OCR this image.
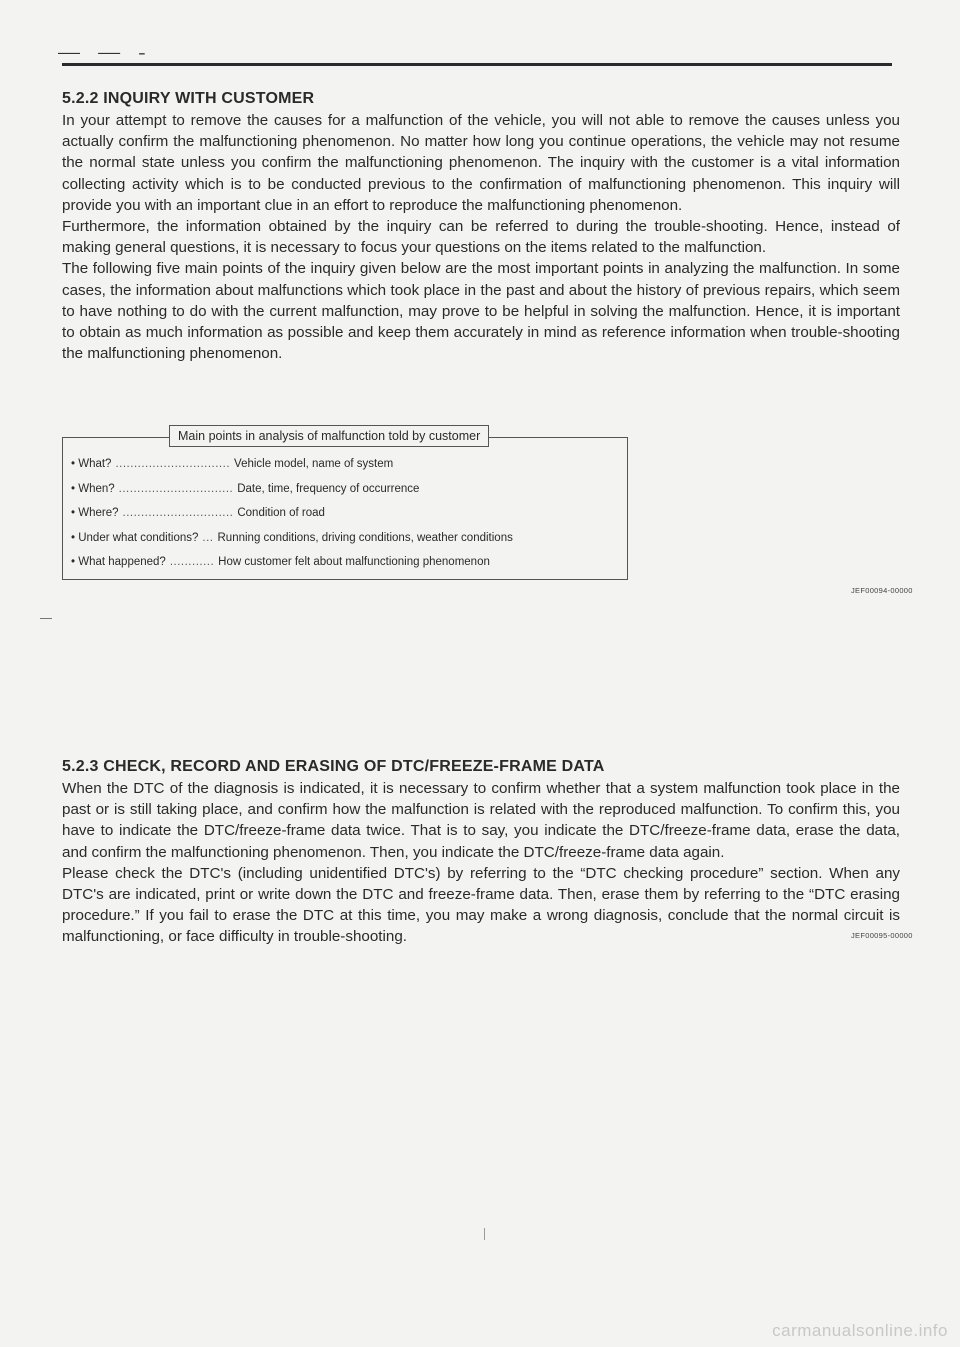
— — -
5.2.2 INQUIRY WITH CUSTOMER

In your attempt to remove the causes for a malfunction of the vehicle, you will not able to remove the causes unless you actually confirm the malfunctioning phenomenon. No matter how long you continue operations, the vehicle may not resume the normal state unless you confirm the malfunctioning phenomenon. The inquiry with the customer is a vital information collecting activity which is to be conducted previous to the confirmation of malfunctioning phenomenon. This inquiry will provide you with an important clue in an effort to reproduce the malfunctioning phenomenon.

Furthermore, the information obtained by the inquiry can be referred to during the trouble-shooting. Hence, instead of making general questions, it is necessary to focus your questions on the items related to the malfunction.

The following five main points of the inquiry given below are the most important points in analyzing the malfunction. In some cases, the information about malfunctions which took place in the past and about the history of previous repairs, which seem to have nothing to do with the current malfunction, may prove to be helpful in solving the malfunction. Hence, it is important to obtain as much information as possible and keep them accurately in mind as reference information when trouble-shooting the malfunctioning phenomenon.

Main points in analysis of malfunction told by customer
• What? ............................... Vehicle model, name of system
• When? ............................... Date, time, frequency of occurrence
• Where? .............................. Condition of road
• Under what conditions? ... Running conditions, driving conditions, weather conditions
• What happened? ............ How customer felt about malfunctioning phenomenon
JEF00094-00000
5.2.3 CHECK, RECORD AND ERASING OF DTC/FREEZE-FRAME DATA

When the DTC of the diagnosis is indicated, it is necessary to confirm whether that a system malfunction took place in the past or is still taking place, and confirm how the malfunction is related with the reproduced malfunction. To confirm this, you have to indicate the DTC/freeze-frame data twice. That is to say, you indicate the DTC/freeze-frame data, erase the data, and confirm the malfunctioning phenomenon. Then, you indicate the DTC/freeze-frame data again.

Please check the DTC's (including unidentified DTC's) by referring to the “DTC checking procedure” section. When any DTC's are indicated, print or write down the DTC and freeze-frame data. Then, erase them by referring to the “DTC erasing procedure.” If you fail to erase the DTC at this time, you may make a wrong diagnosis, conclude that the normal circuit is malfunctioning, or face difficulty in trouble-shooting.	JEF00095-00000
carmanualsonline.info
